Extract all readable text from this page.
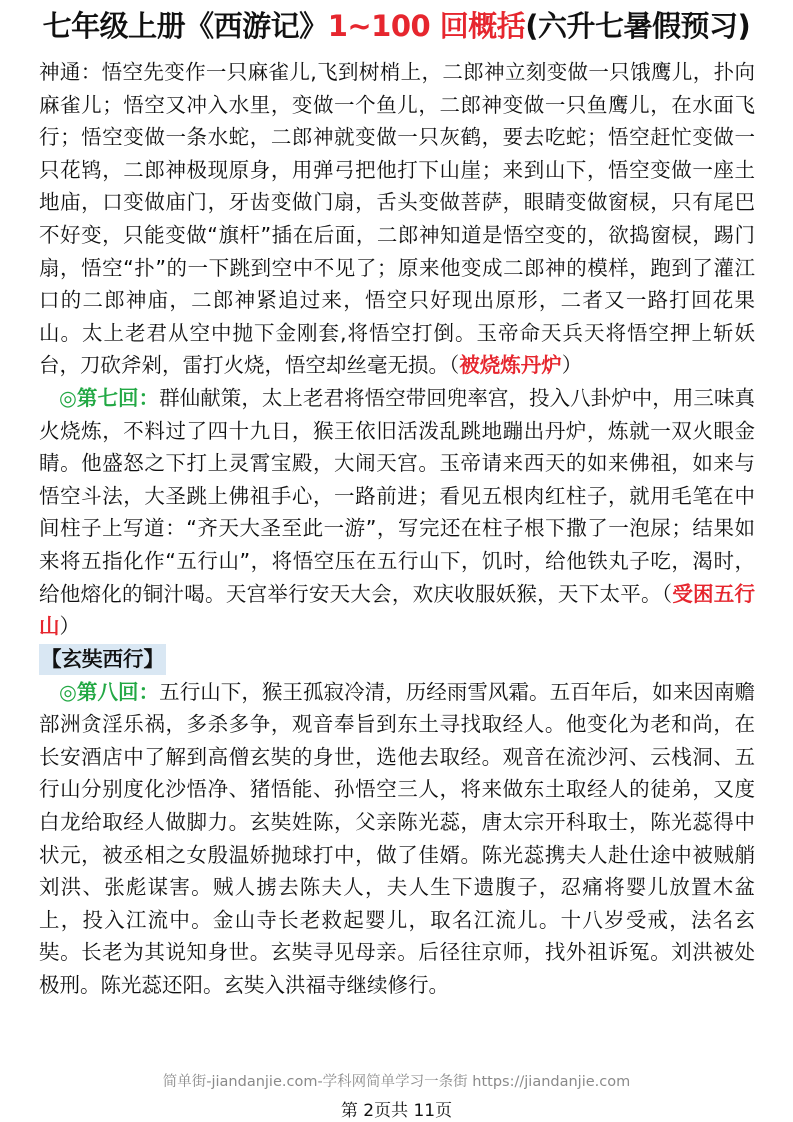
七年级上册《西游记》1~100 回概括(六升七暑假预习)

神通：悟空先变作一只麻雀儿,飞到树梢上，二郎神立刻变做一只饿鹰儿，扑向麻雀儿；悟空又冲入水里，变做一个鱼儿，二郎神变做一只鱼鹰儿，在水面飞行；悟空变做一条水蛇，二郎神就变做一只灰鹤，要去吃蛇；悟空赶忙变做一只花鸨，二郎神极现原身，用弹弓把他打下山崖；来到山下，悟空变做一座土地庙，口变做庙门，牙齿变做门扇，舌头变做菩萨，眼睛变做窗棂，只有尾巴不好变，只能变做“旗杆”插在后面，二郎神知道是悟空变的，欲捣窗棂，踢门扇，悟空“扑”的一下跳到空中不见了；原来他变成二郎神的模样，跑到了灌江口的二郎神庙，二郎神紧追过来，悟空只好现出原形，二者又一路打回花果山。太上老君从空中抛下金刚套,将悟空打倒。玉帝命天兵天将悟空押上斩妖台，刀砍斧剁，雷打火烧，悟空却丝毫无损。（被烧炼丹炉）

◎第七回：群仙献策，太上老君将悟空带回兜率宫，投入八卦炉中，用三味真火烧炼，不料过了四十九日，猴王依旧活泼乱跳地蹦出丹炉，炼就一双火眼金睛。他盛怒之下打上灵霄宝殿，大闹天宫。玉帝请来西天的如来佛祖，如来与悟空斗法，大圣跳上佛祖手心，一路前进；看见五根肉红柱子，就用毛笔在中间柱子上写道：“齐天大圣至此一游”，写完还在柱子根下撒了一泡尿；结果如来将五指化作“五行山”，将悟空压在五行山下，饥时，给他铁丸子吃，渴时，给他熔化的铜汁喝。天宫举行安天大会，欢庆收服妖猴，天下太平。（受困五行山）

【玄奘西行】

◎第八回：五行山下，猴王孤寂冷清，历经雨雪风霜。五百年后，如来因南赡部洲贪淫乐祸，多杀多争，观音奉旨到东土寻找取经人。他变化为老和尚，在长安酒店中了解到高僧玄奘的身世，选他去取经。观音在流沙河、云栈洞、五行山分别度化沙悟净、猪悟能、孙悟空三人，将来做东土取经人的徒弟，又度白龙给取经人做脚力。玄奘姓陈，父亲陈光蕊，唐太宗开科取士，陈光蕊得中状元，被丞相之女殷温娇抛球打中，做了佳婿。陈光蕊携夫人赴仕途中被贼艄刘洪、张彪谋害。贼人掳去陈夫人，夫人生下遗腹子，忍痛将婴儿放置木盆上，投入江流中。金山寺长老救起婴儿，取名江流儿。十八岁受戒，法名玄奘。长老为其说知身世。玄奘寻见母亲。后径往京师，找外祖诉冤。刘洪被处极刑。陈光蕊还阳。玄奘入洪福寺继续修行。

简单街-jiandanjie.com-学科网简单学习一条街 https://jiandanjie.com
第 2页共 11页
